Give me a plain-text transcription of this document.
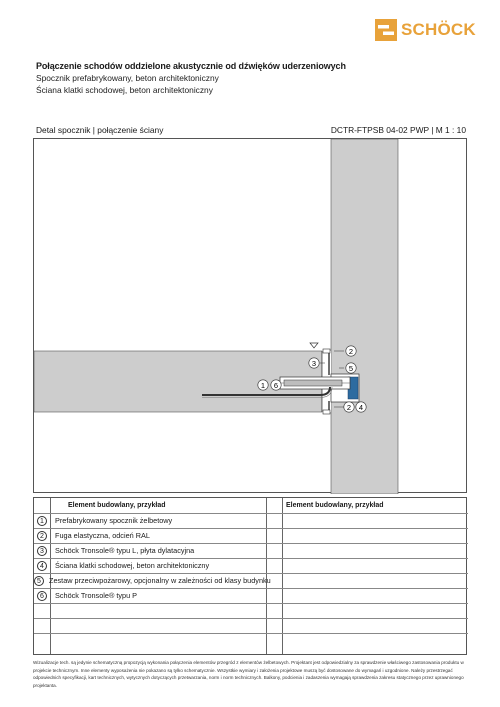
SCHÖCK
Połączenie schodów oddzielone akustycznie od dźwięków uderzeniowych
Spocznik prefabrykowany, beton architektoniczny
Ściana klatki schodowej, beton architektoniczny
Detal spocznik | połączenie ściany	DCTR-FTPSB 04-02 PWP | M 1 : 10
2
3
5
1 6
2 4
Element budowlany, przykład	Element budowlany, przykład
1	Prefabrykowany spocznik żelbetowy
2	Fuga elastyczna, odcień RAL
3	Schöck Tronsole® typu L, płyta dylatacyjna
4	Ściana klatki schodowej, beton architektoniczny
5	Zestaw przeciwpożarowy, opcjonalny w zależności od klasy budynku
6	Schöck Tronsole® typu P
Wizualizacje tech. są jedynie schematyczną propozycją wykonania połączenia elementów przegród z elementów żelbetowych. Projektant jest odpowiedzialny za sprawdzenie właściwego zastosowania produktu w projekcie technicznym. Inne elementy wyposażenia nie pokazano są tylko schematycznie. Wszystkie wymiary i założenia projektowe muszą być dostosowane do wymagań i uzgodnione. Należy przestrzegać odpowiednich specyfikacji, kart technicznych, wytycznych dotyczących przetwarzania, norm i norm technicznych. Balkony, podcienia i zadaszenia wymagają sprawdzenia zakresu statycznego przez uprawnionego projektanta.
